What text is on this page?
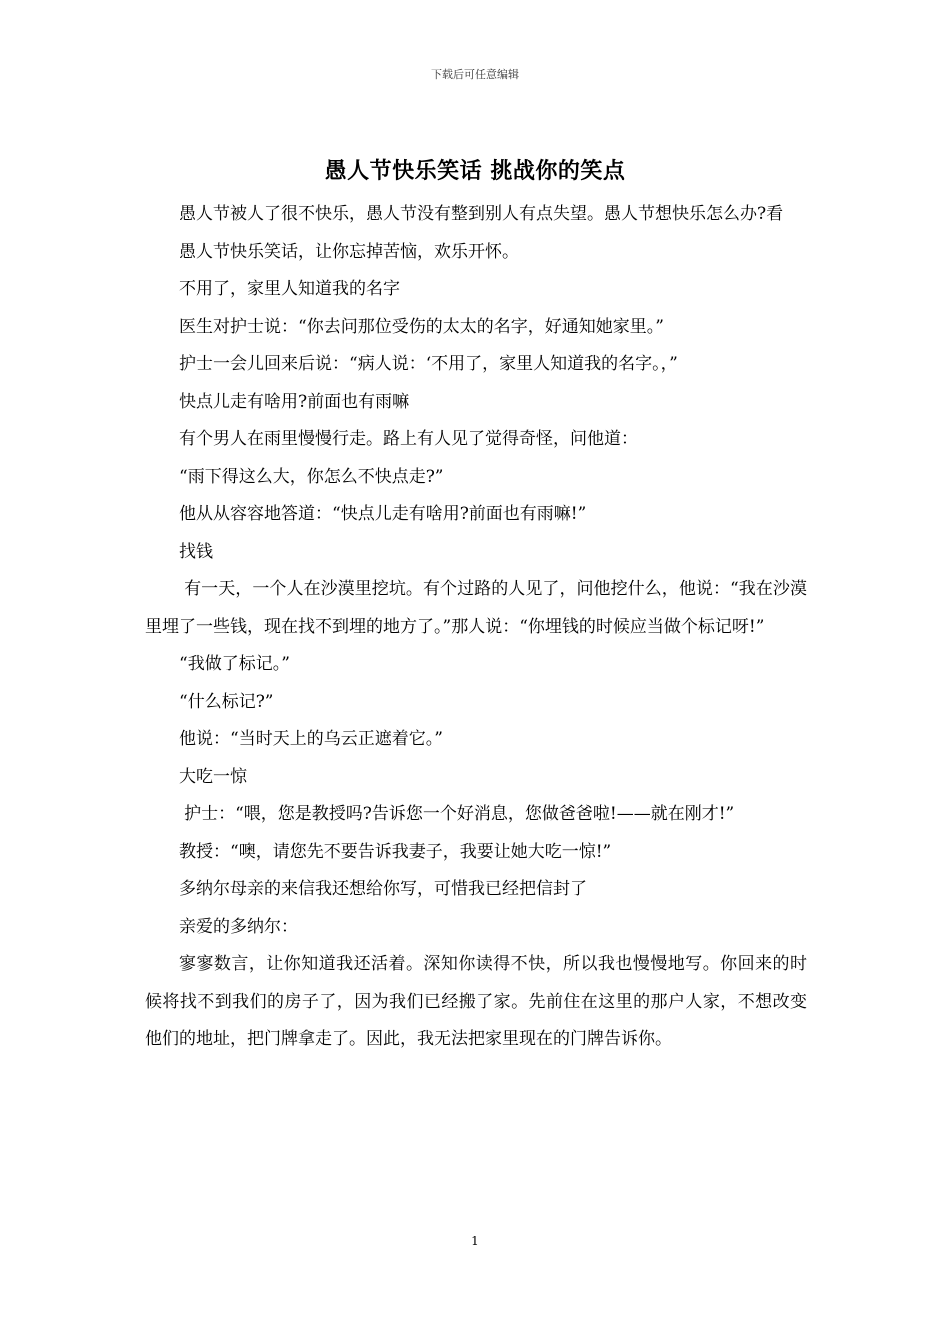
下载后可任意编辑
愚人节快乐笑话 挑战你的笑点

愚人节被人了很不快乐，愚人节没有整到别人有点失望。愚人节想快乐怎么办?看

愚人节快乐笑话，让你忘掉苦恼，欢乐开怀。

不用了，家里人知道我的名字

医生对护士说：“你去问那位受伤的太太的名字，好通知她家里。”

护士一会儿回来后说：“病人说：‘不用了，家里人知道我的名字。，”

快点儿走有啥用?前面也有雨嘛

有个男人在雨里慢慢行走。路上有人见了觉得奇怪，问他道：

“雨下得这么大，你怎么不快点走?”

他从从容容地答道：“快点儿走有啥用?前面也有雨嘛!”

找钱

有一天，一个人在沙漠里挖坑。有个过路的人见了，问他挖什么，他说：“我在沙漠里埋了一些钱，现在找不到埋的地方了。”那人说：“你埋钱的时候应当做个标记呀!”

“我做了标记。”

“什么标记?”

他说：“当时天上的乌云正遮着它。”

大吃一惊

护士：“喂，您是教授吗?告诉您一个好消息，您做爸爸啦!——就在刚才!”

教授：“噢，请您先不要告诉我妻子，我要让她大吃一惊!”

多纳尔母亲的来信我还想给你写，可惜我已经把信封了

亲爱的多纳尔：

寥寥数言，让你知道我还活着。深知你读得不快，所以我也慢慢地写。你回来的时候将找不到我们的房子了，因为我们已经搬了家。先前住在这里的那户人家，不想改变他们的地址，把门牌拿走了。因此，我无法把家里现在的门牌告诉你。

1
